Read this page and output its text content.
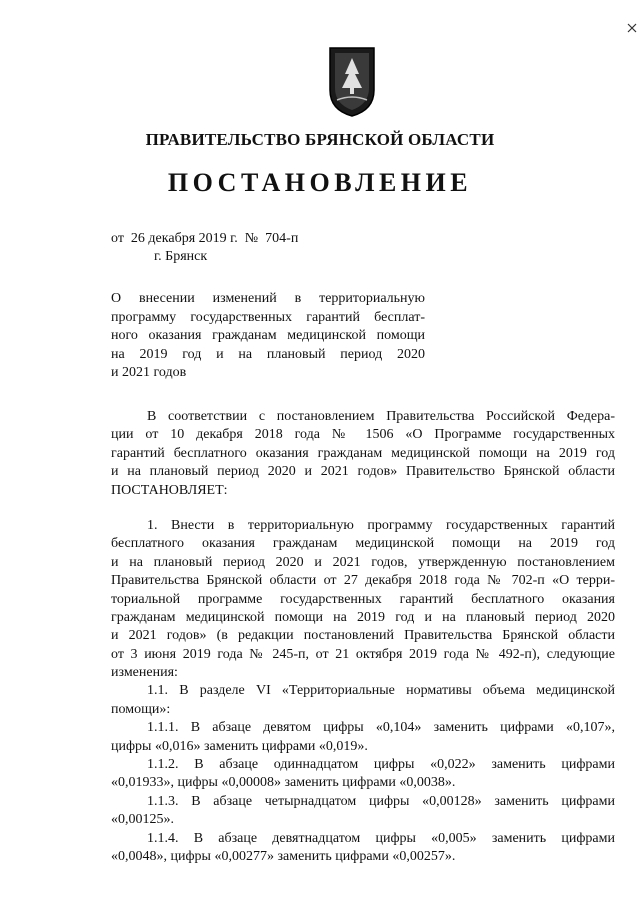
ПРАВИТЕЛЬСТВО БРЯНСКОЙ ОБЛАСТИ
ПОСТАНОВЛЕНИЕ
от  26 декабря 2019 г.  №  704-п
г. Брянск
О внесении изменений в территориальную
программу государственных гарантий бесплат-
ного оказания гражданам медицинской помощи
на 2019 год и на плановый период 2020
и 2021 годов
В соответствии с постановлением Правительства Российской Федера-
ции от 10 декабря 2018 года № 1506 «О Программе государственных
гарантий бесплатного оказания гражданам медицинской помощи на 2019 год
и на плановый период 2020 и 2021 годов» Правительство Брянской области
ПОСТАНОВЛЯЕТ:
1. Внести в территориальную программу государственных гарантий
бесплатного оказания гражданам медицинской помощи на 2019 год
и на плановый период 2020 и 2021 годов, утвержденную постановлением
Правительства Брянской области от 27 декабря 2018 года № 702-п «О терри-
ториальной программе государственных гарантий бесплатного оказания
гражданам медицинской помощи на 2019 год и на плановый период 2020
и 2021 годов» (в редакции постановлений Правительства Брянской области
от 3 июня 2019 года № 245-п, от 21 октября 2019 года № 492-п), следующие
изменения:
1.1. В разделе VI «Территориальные нормативы объема медицинской
помощи»:
1.1.1. В абзаце девятом цифры «0,104» заменить цифрами «0,107»,
цифры «0,016» заменить цифрами «0,019».
1.1.2. В абзаце одиннадцатом цифры «0,022» заменить цифрами
«0,01933», цифры «0,00008» заменить цифрами «0,0038».
1.1.3. В абзаце четырнадцатом цифры «0,00128» заменить цифрами
«0,00125».
1.1.4. В абзаце девятнадцатом цифры «0,005» заменить цифрами
«0,0048», цифры «0,00277» заменить цифрами «0,00257».
